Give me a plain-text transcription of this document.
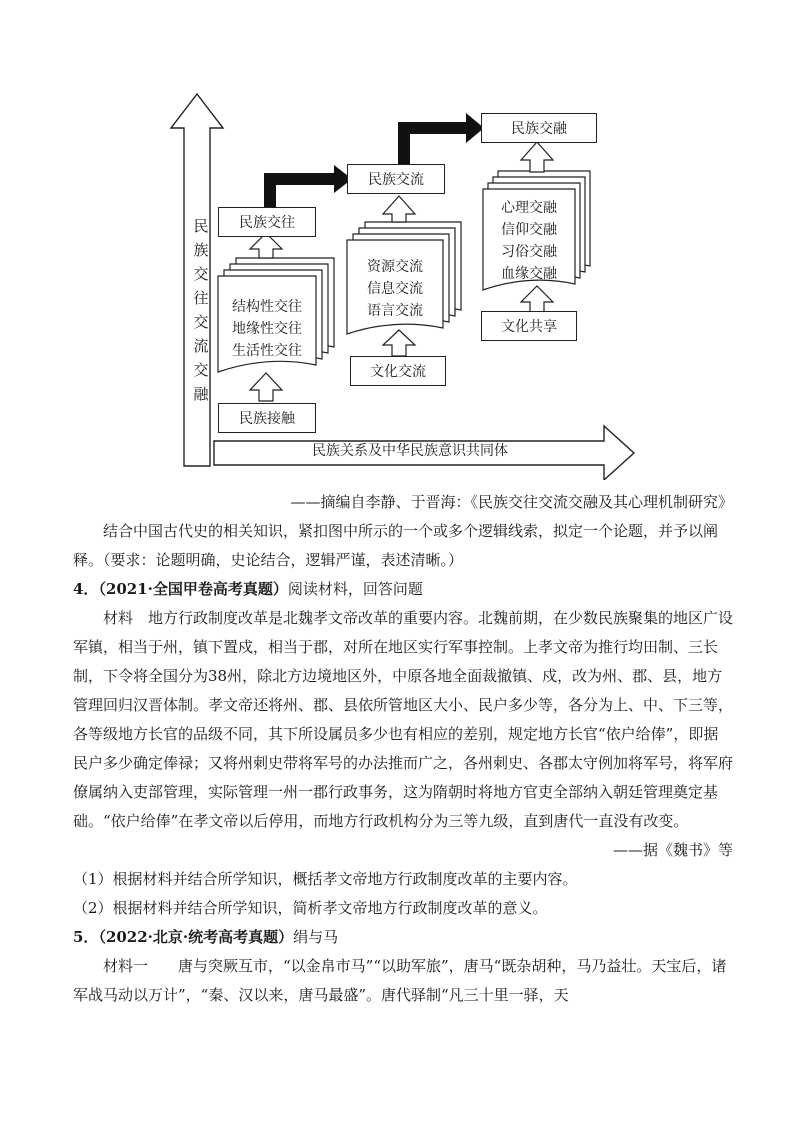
民族接触
民族交往
文化交流
民族交流
文化共享
民族交融
结构性交往
地缘性交往
生活性交往
资源交流
信息交流
语言交流
心理交融
信仰交融
习俗交融
血缘交融
民族交往交流交融
民族关系及中华民族意识共同体

——摘编自李静、于晋海：《民族交往交流交融及其心理机制研究》

结合中国古代史的相关知识，紧扣图中所示的一个或多个逻辑线索，拟定一个论题，并予以阐释。（要求：论题明确，史论结合，逻辑严谨，表述清晰。）

4．（2021·全国甲卷高考真题）阅读材料，回答问题

材料　地方行政制度改革是北魏孝文帝改革的重要内容。北魏前期，在少数民族聚集的地区广设军镇，相当于州，镇下置戍，相当于郡，对所在地区实行军事控制。上孝文帝为推行均田制、三长制，下令将全国分为38州，除北方边境地区外，中原各地全面裁撤镇、戍，改为州、郡、县，地方管理回归汉晋体制。孝文帝还将州、郡、县依所管地区大小、民户多少等，各分为上、中、下三等，各等级地方长官的品级不同，其下所设属员多少也有相应的差别，规定地方长官“依户给俸”，即据民户多少确定俸禄；又将州刺史带将军号的办法推而广之，各州刺史、各郡太守例加将军号，将军府僚属纳入吏部管理，实际管理一州一郡行政事务，这为隋朝时将地方官吏全部纳入朝廷管理奠定基础。“依户给俸”在孝文帝以后停用，而地方行政机构分为三等九级，直到唐代一直没有改变。

——据《魏书》等

（1）根据材料并结合所学知识，概括孝文帝地方行政制度改革的主要内容。

（2）根据材料并结合所学知识，简析孝文帝地方行政制度改革的意义。

5．（2022·北京·统考高考真题）绢与马

材料一　　唐与突厥互市，“以金帛市马”“以助军旅”，唐马“既杂胡种，马乃益壮。天宝后，诸军战马动以万计”，“秦、汉以来，唐马最盛”。唐代驿制“凡三十里一驿，天
